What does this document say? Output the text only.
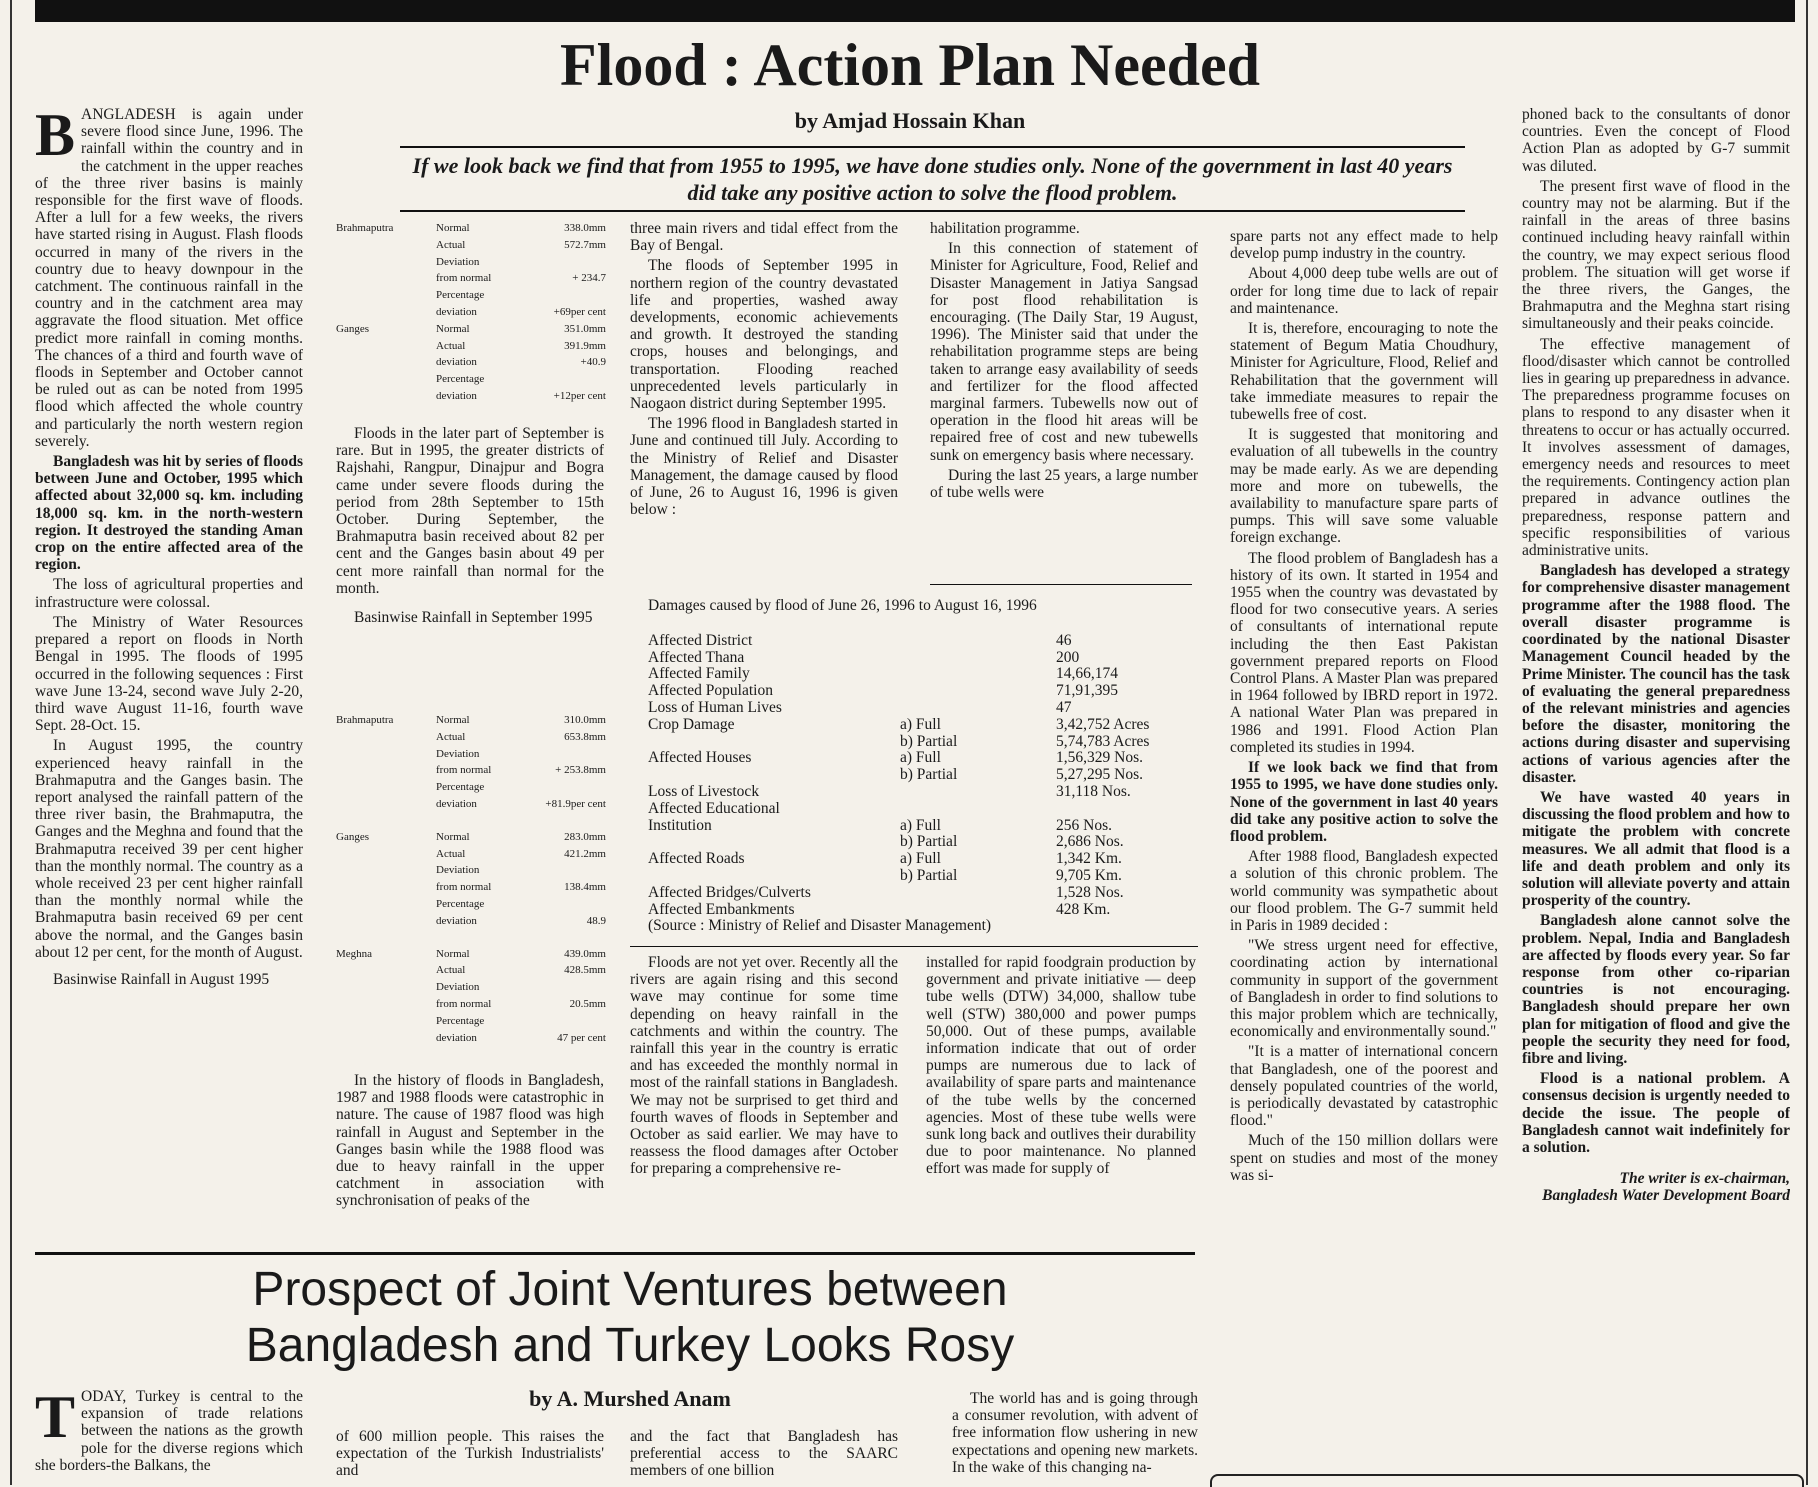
Flood : Action Plan Needed
by Amjad Hossain Khan
If we look back we find that from 1955 to 1995, we have done studies only. None of the government in last 40 years did take any positive action to solve the flood problem.
B ANGLADESH is again under severe flood since June, 1996. The rainfall within the country and in the catchment in the upper reaches of the three river basins is mainly responsible for the first wave of floods. After a lull for a few weeks, the rivers have started rising in August. Flash floods occurred in many of the rivers in the country due to heavy downpour in the catchment. The continuous rainfall in the country and in the catchment area may aggravate the flood situation. Met office predict more rainfall in coming months. The chances of a third and fourth wave of floods in September and October cannot be ruled out as can be noted from 1995 flood which affected the whole country and particularly the north western region severely.

Bangladesh was hit by series of floods between June and October, 1995 which affected about 32,000 sq. km. including 18,000 sq. km. in the north-western region. It destroyed the standing Aman crop on the entire affected area of the region.

The loss of agricultural properties and infrastructure were colossal.

The Ministry of Water Resources prepared a report on floods in North Bengal in 1995. The floods of 1995 occurred in the following sequences : First wave June 13-24, second wave July 2-20, third wave August 11-16, fourth wave Sept. 28-Oct. 15.

In August 1995, the country experienced heavy rainfall in the Brahmaputra and the Ganges basin. The report analysed the rainfall pattern of the three river basin, the Brahmaputra, the Ganges and the Meghna and found that the Brahmaputra received 39 per cent higher than the monthly normal. The country as a whole received 23 per cent higher rainfall than the monthly normal while the Brahmaputra basin received 69 per cent above the normal, and the Ganges basin about 12 per cent, for the month of August.

Basinwise Rainfall in August 1995

Brahmaputra	Normal	338.0mm
	Actual	572.7mm
	Deviation	
	from normal	+ 234.7
	Percentage	
	deviation	+69per cent
Ganges	Normal	351.0mm
	Actual	391.9mm
	deviation	+40.9
	Percentage	
	deviation	+12per cent

Floods in the later part of September is rare. But in 1995, the greater districts of Rajshahi, Rangpur, Dinajpur and Bogra came under severe floods during the period from 28th September to 15th October. During September, the Brahmaputra basin received about 82 per cent and the Ganges basin about 49 per cent more rainfall than normal for the month.

Basinwise Rainfall in September 1995

Brahmaputra	Normal	310.0mm
	Actual	653.8mm
	Deviation	
	from normal	+ 253.8mm
	Percentage	
	deviation	+81.9per cent
Ganges	Normal	283.0mm
	Actual	421.2mm
	Deviation	
	from normal	138.4mm
	Percentage	
	deviation	48.9
Meghna	Normal	439.0mm
	Actual	428.5mm
	Deviation	
	from normal	20.5mm
	Percentage	
	deviation	47 per cent

In the history of floods in Bangladesh, 1987 and 1988 floods were catastrophic in nature. The cause of 1987 flood was high rainfall in August and September in the Ganges basin while the 1988 flood was due to heavy rainfall in the upper catchment in association with synchronisation of peaks of the

three main rivers and tidal effect from the Bay of Bengal.

The floods of September 1995 in northern region of the country devastated life and properties, washed away developments, economic achievements and growth. It destroyed the standing crops, houses and belongings, and transportation. Flooding reached unprecedented levels particularly in Naogaon district during September 1995.

The 1996 flood in Bangladesh started in June and continued till July. According to the Ministry of Relief and Disaster Management, the damage caused by flood of June, 26 to August 16, 1996 is given below :

habilitation programme.

In this connection of statement of Minister for Agriculture, Food, Relief and Disaster Management in Jatiya Sangsad for post flood rehabilitation is encouraging. (The Daily Star, 19 August, 1996). The Minister said that under the rehabilitation programme steps are being taken to arrange easy availability of seeds and fertilizer for the flood affected marginal farmers. Tubewells now out of operation in the flood hit areas will be repaired free of cost and new tubewells sunk on emergency basis where necessary.

During the last 25 years, a large number of tube wells were

Damages caused by flood of June 26, 1996 to August 16, 1996
Affected District		46
Affected Thana		200
Affected Family		14,66,174
Affected Population		71,91,395
Loss of Human Lives		47
Crop Damage	a) Full	3,42,752 Acres
	b) Partial	5,74,783 Acres
Affected Houses	a) Full	1,56,329 Nos.
	b) Partial	5,27,295 Nos.
Loss of Livestock		31,118 Nos.
Affected Educational		
Institution	a) Full	256 Nos.
	b) Partial	2,686 Nos.
Affected Roads	a) Full	1,342 Km.
	b) Partial	9,705 Km.
Affected Bridges/Culverts		1,528 Nos.
Affected Embankments		428 Km.
(Source : Ministry of Relief and Disaster Management)

Floods are not yet over. Recently all the rivers are again rising and this second wave may continue for some time depending on heavy rainfall in the catchments and within the country. The rainfall this year in the country is erratic and has exceeded the monthly normal in most of the rainfall stations in Bangladesh. We may not be surprised to get third and fourth waves of floods in September and October as said earlier. We may have to reassess the flood damages after October for preparing a comprehensive re-

installed for rapid foodgrain production by government and private initiative — deep tube wells (DTW) 34,000, shallow tube well (STW) 380,000 and power pumps 50,000. Out of these pumps, available information indicate that out of order pumps are numerous due to lack of availability of spare parts and maintenance of the tube wells by the concerned agencies. Most of these tube wells were sunk long back and outlives their durability due to poor maintenance. No planned effort was made for supply of

spare parts not any effect made to help develop pump industry in the country.

About 4,000 deep tube wells are out of order for long time due to lack of repair and maintenance.

It is, therefore, encouraging to note the statement of Begum Matia Choudhury, Minister for Agriculture, Flood, Relief and Rehabilitation that the government will take immediate measures to repair the tubewells free of cost.

It is suggested that monitoring and evaluation of all tubewells in the country may be made early. As we are depending more and more on tubewells, the availability to manufacture spare parts of pumps. This will save some valuable foreign exchange.

The flood problem of Bangladesh has a history of its own. It started in 1954 and 1955 when the country was devastated by flood for two consecutive years. A series of consultants of international repute including the then East Pakistan government prepared reports on Flood Control Plans. A Master Plan was prepared in 1964 followed by IBRD report in 1972. A national Water Plan was prepared in 1986 and 1991. Flood Action Plan completed its studies in 1994.

If we look back we find that from 1955 to 1995, we have done studies only. None of the government in last 40 years did take any positive action to solve the flood problem.

After 1988 flood, Bangladesh expected a solution of this chronic problem. The world community was sympathetic about our flood problem. The G-7 summit held in Paris in 1989 decided :

"We stress urgent need for effective, coordinating action by international community in support of the government of Bangladesh in order to find solutions to this major problem which are technically, economically and environmentally sound."

"It is a matter of international concern that Bangladesh, one of the poorest and densely populated countries of the world, is periodically devastated by catastrophic flood."

Much of the 150 million dollars were spent on studies and most of the money was si-

phoned back to the consultants of donor countries. Even the concept of Flood Action Plan as adopted by G-7 summit was diluted.

The present first wave of flood in the country may not be alarming. But if the rainfall in the areas of three basins continued including heavy rainfall within the country, we may expect serious flood problem. The situation will get worse if the three rivers, the Ganges, the Brahmaputra and the Meghna start rising simultaneously and their peaks coincide.

The effective management of flood/disaster which cannot be controlled lies in gearing up preparedness in advance. The preparedness programme focuses on plans to respond to any disaster when it threatens to occur or has actually occurred. It involves assessment of damages, emergency needs and resources to meet the requirements. Contingency action plan prepared in advance outlines the preparedness, response pattern and specific responsibilities of various administrative units.

Bangladesh has developed a strategy for comprehensive disaster management programme after the 1988 flood. The overall disaster programme is coordinated by the national Disaster Management Council headed by the Prime Minister. The council has the task of evaluating the general preparedness of the relevant ministries and agencies before the disaster, monitoring the actions during disaster and supervising actions of various agencies after the disaster.

We have wasted 40 years in discussing the flood problem and how to mitigate the problem with concrete measures. We all admit that flood is a life and death problem and only its solution will alleviate poverty and attain prosperity of the country.

Bangladesh alone cannot solve the problem. Nepal, India and Bangladesh are affected by floods every year. So far response from other co-riparian countries is not encouraging. Bangladesh should prepare her own plan for mitigation of flood and give the people the security they need for food, fibre and living.

Flood is a national problem. A consensus decision is urgently needed to decide the issue. The people of Bangladesh cannot wait indefinitely for a solution.

The writer is ex-chairman, Bangladesh Water Development Board

Prospect of Joint Ventures between Bangladesh and Turkey Looks Rosy
by A. Murshed Anam
T ODAY, Turkey is central to the expansion of trade relations between the nations as the growth pole for the diverse regions which she borders-the Balkans, the

of 600 million people. This raises the expectation of the Turkish Industrialists' and

and the fact that Bangladesh has preferential access to the SAARC members of one billion

The world has and is going through a consumer revolution, with advent of free information flow ushering in new expectations and opening new markets. In the wake of this changing na-
